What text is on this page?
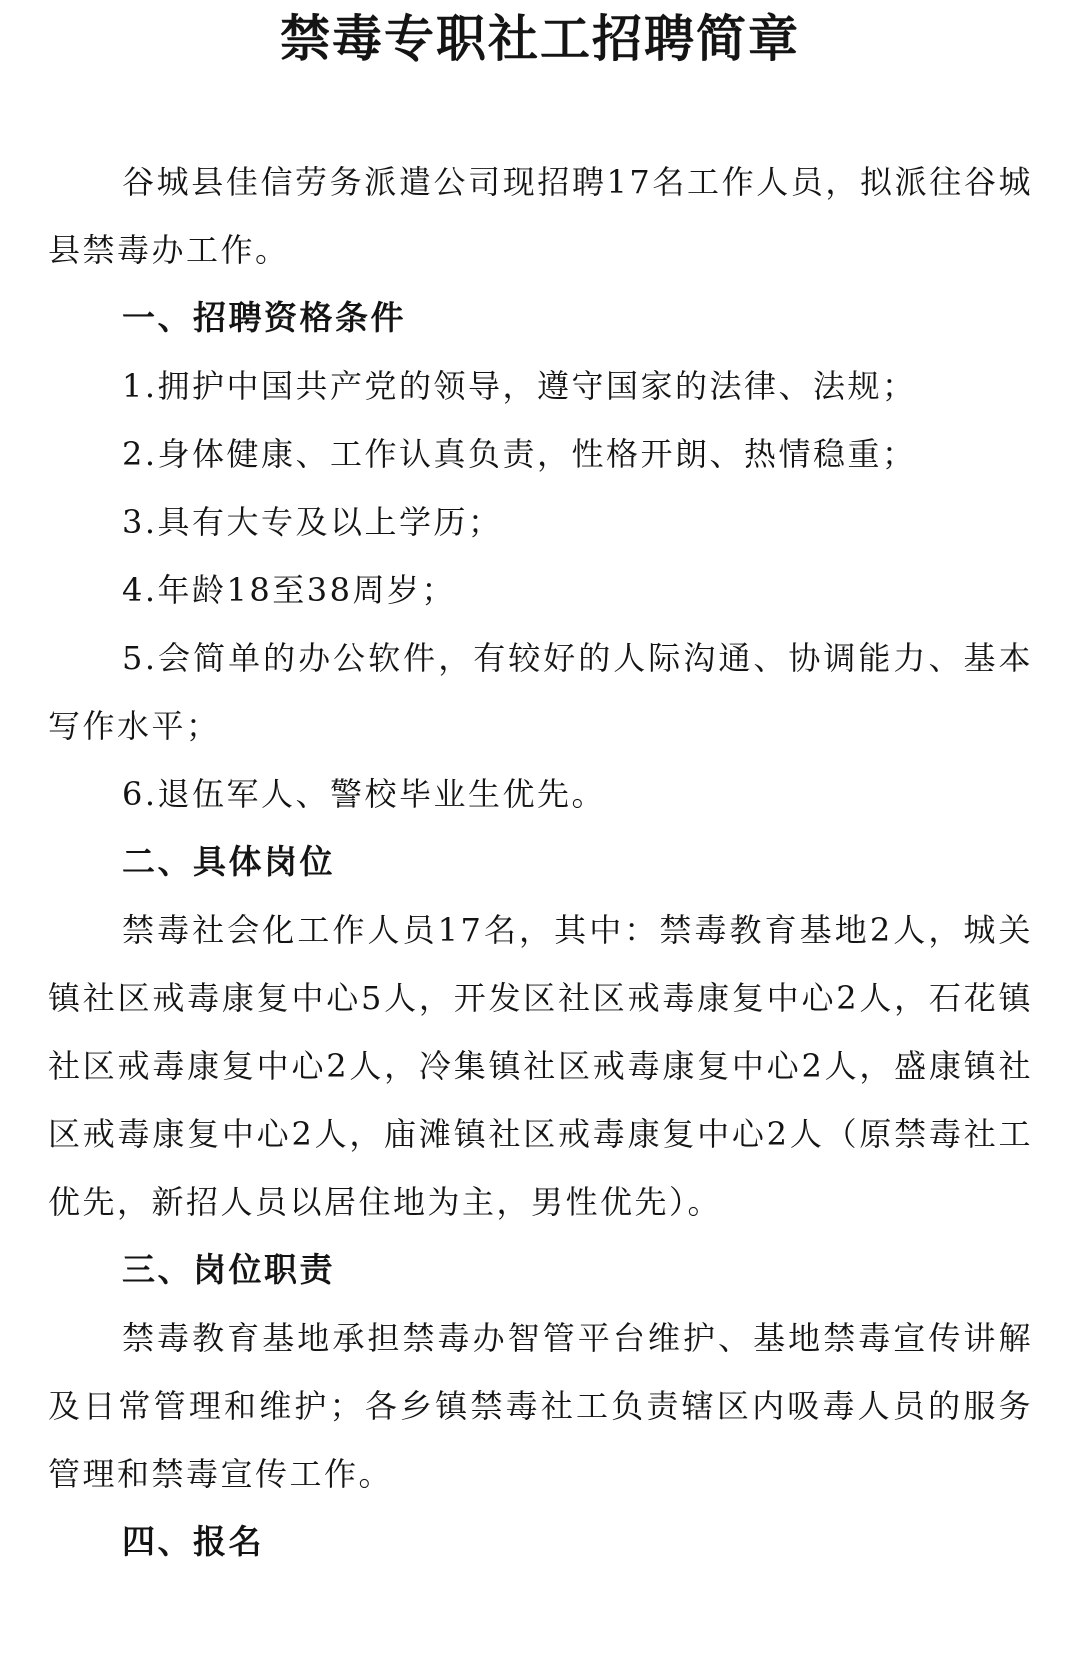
禁毒专职社工招聘简章

谷城县佳信劳务派遣公司现招聘17名工作人员，拟派往谷城县禁毒办工作。

一、招聘资格条件

1.拥护中国共产党的领导，遵守国家的法律、法规；

2.身体健康、工作认真负责，性格开朗、热情稳重；

3.具有大专及以上学历；

4.年龄18至38周岁；

5.会简单的办公软件，有较好的人际沟通、协调能力、基本写作水平；

6.退伍军人、警校毕业生优先。

二、具体岗位

禁毒社会化工作人员17名，其中：禁毒教育基地2人，城关镇社区戒毒康复中心5人，开发区社区戒毒康复中心2人，石花镇社区戒毒康复中心2人，冷集镇社区戒毒康复中心2人，盛康镇社区戒毒康复中心2人，庙滩镇社区戒毒康复中心2人（原禁毒社工优先，新招人员以居住地为主，男性优先）。

三、岗位职责

禁毒教育基地承担禁毒办智管平台维护、基地禁毒宣传讲解及日常管理和维护；各乡镇禁毒社工负责辖区内吸毒人员的服务管理和禁毒宣传工作。

四、报名
